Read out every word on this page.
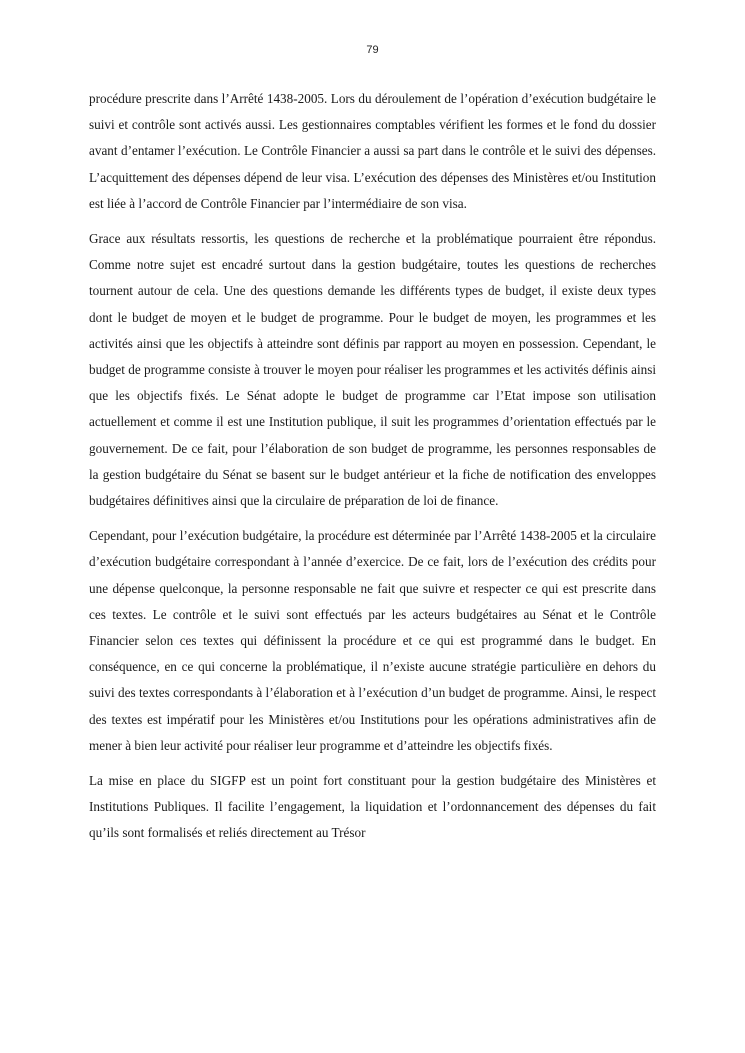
79

procédure prescrite dans l’Arrêté 1438-2005. Lors du déroulement de l’opération d’exécution budgétaire le suivi et contrôle sont activés aussi. Les gestionnaires comptables vérifient les formes et le fond du dossier avant d’entamer l’exécution. Le Contrôle Financier a aussi sa part dans le contrôle et le suivi des dépenses. L’acquittement des dépenses dépend de leur visa. L’exécution des dépenses des Ministères et/ou Institution est liée à l’accord de Contrôle Financier par l’intermédiaire de son visa.

Grace aux résultats ressortis, les questions de recherche et la problématique pourraient être répondus. Comme notre sujet est encadré surtout dans la gestion budgétaire, toutes les questions de recherches tournent autour de cela. Une des questions demande les différents types de budget, il existe deux types dont le budget de moyen et le budget de programme. Pour le budget de moyen, les programmes et les activités ainsi que les objectifs à atteindre sont définis par rapport au moyen en possession. Cependant, le budget de programme consiste à trouver le moyen pour réaliser les programmes et les activités définis ainsi que les objectifs fixés. Le Sénat adopte le budget de programme car l’Etat impose son utilisation actuellement et comme il est une Institution publique, il suit les programmes d’orientation effectués par le gouvernement. De ce fait, pour l’élaboration de son budget de programme, les personnes responsables de la gestion budgétaire du Sénat se basent sur le budget antérieur et la fiche de notification des enveloppes budgétaires définitives ainsi que la circulaire de préparation de loi de finance.

Cependant, pour l’exécution budgétaire, la procédure est déterminée par l’Arrêté 1438-2005 et la circulaire d’exécution budgétaire correspondant à l’année d’exercice. De ce fait, lors de l’exécution des crédits pour une dépense quelconque, la personne responsable ne fait que suivre et respecter ce qui est prescrite dans ces textes. Le contrôle et le suivi sont effectués par les acteurs budgétaires au Sénat et le Contrôle Financier selon ces textes qui définissent la procédure et ce qui est programmé dans le budget. En conséquence, en ce qui concerne la problématique, il n’existe aucune stratégie particulière en dehors du suivi des textes correspondants à l’élaboration et à l’exécution d’un budget de programme. Ainsi, le respect des textes est impératif pour les Ministères et/ou Institutions pour les opérations administratives afin de mener à bien leur activité pour réaliser leur programme et d’atteindre les objectifs fixés.

La mise en place du SIGFP est un point fort constituant pour la gestion budgétaire des Ministères et Institutions Publiques. Il facilite l’engagement, la liquidation et l’ordonnancement des dépenses du fait qu’ils sont formalisés et reliés directement au Trésor
